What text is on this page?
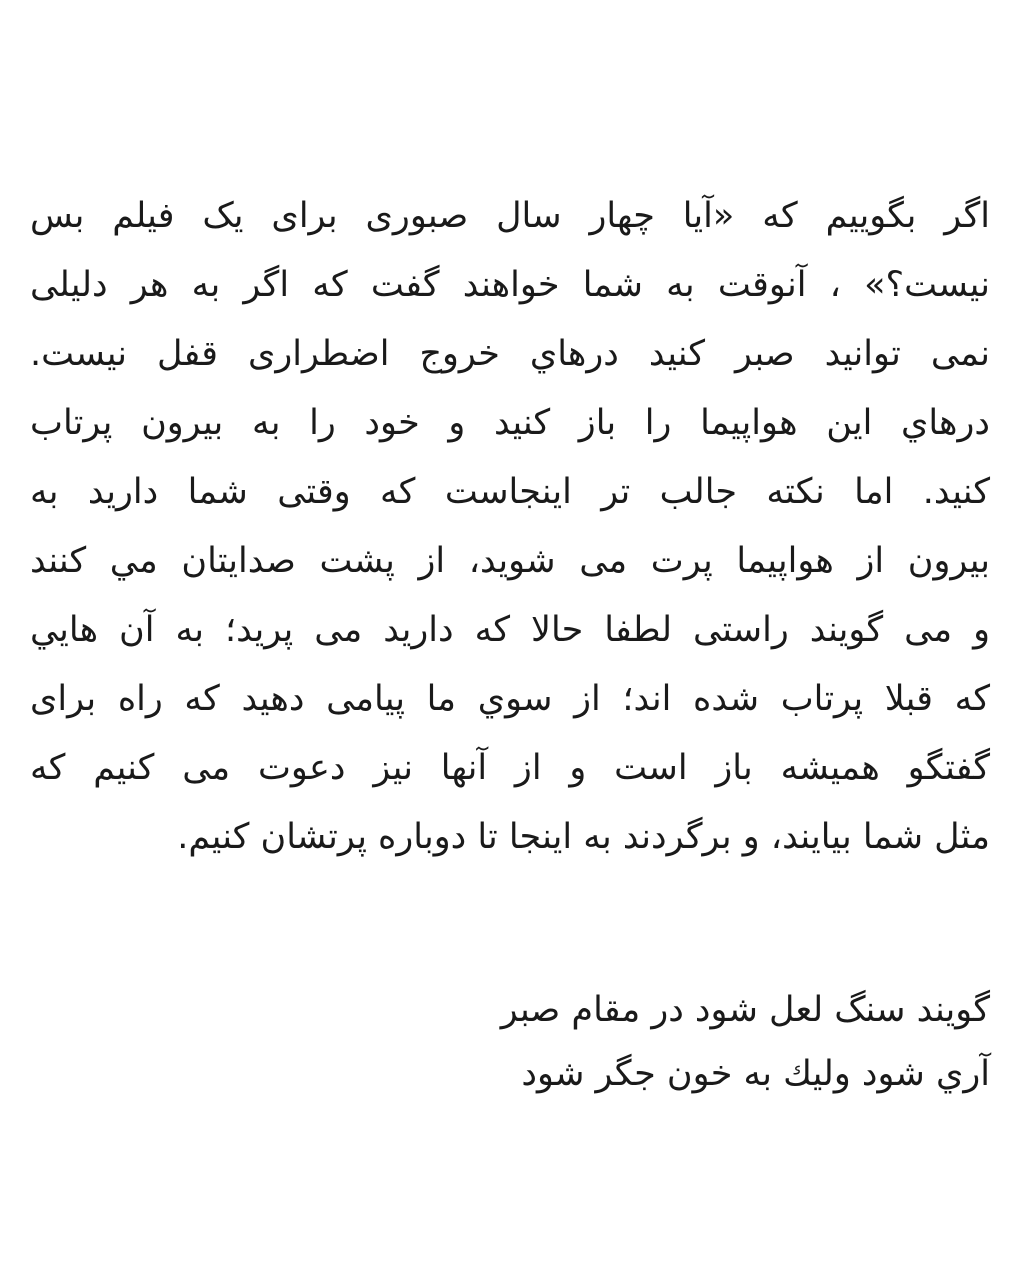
اگر بگوییم که «آیا چهار سال صبوری برای یک فیلم بس
نیست؟» ، آنوقت به شما خواهند گفت که اگر به هر دلیلی
نمی توانید صبر کنید درهاي خروج اضطراری قفل نیست.
درهاي این هواپیما را باز کنید و خود را به بیرون پرتاب
کنید. اما نکته جالب تر اینجاست که وقتی شما دارید به
بیرون از هواپیما پرت می شوید، از پشت صدایتان مي کنند
و می گویند راستی لطفا حالا که دارید می پرید؛ به آن هایي
که قبلا پرتاب شده اند؛ از سوي ما پیامی دهید که راه برای
گفتگو همیشه باز است و از آنها نیز دعوت می کنیم که
مثل شما بیایند، و برگردند به اینجا تا دوباره پرتشان کنیم.
گویند سنگ لعل شود در مقام صبر
آري شود ولیك به خون جگر شود
